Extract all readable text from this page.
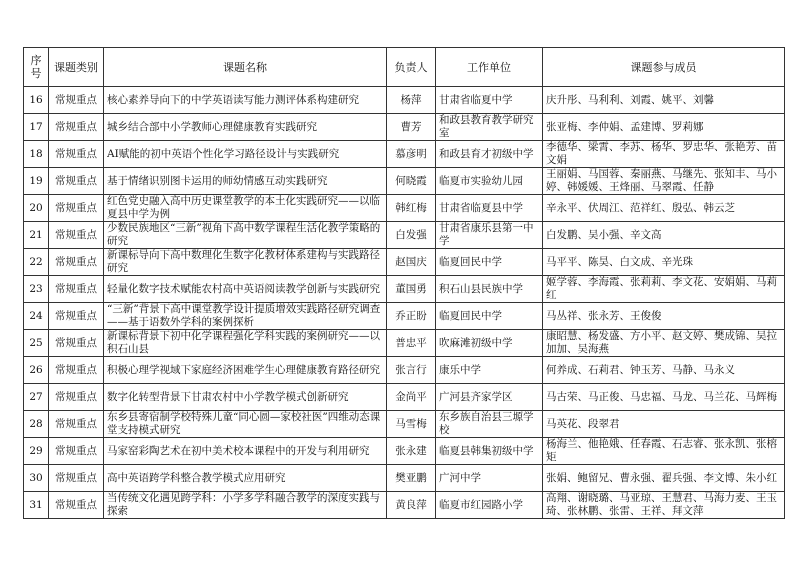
序号	课题类别	课题名称	负责人	工作单位	课题参与成员

16	常规重点	核心素养导向下的中学英语读写能力测评体系构建研究	杨萍	甘肃省临夏中学	庆升彤、马利利、刘霞、姚平、刘馨

17	常规重点	城乡结合部中小学教师心理健康教育实践研究	曹芳	和政县教育教学研究室	张亚梅、李仲娟、孟建博、罗莉娜

18	常规重点	AI赋能的初中英语个性化学习路径设计与实践研究	慕彦明	和政县育才初级中学	李德华、梁霄、李苏、杨华、罗忠华、张艳芳、苗文娟

19	常规重点	基于情绪识别图卡运用的师幼情感互动实践研究	何晓霞	临夏市实验幼儿园	王丽娟、马国蓉、秦丽燕、马继先、张知丰、马小婷、韩媛媛、王烽丽、马翠霞、任静

20	常规重点	红色党史融入高中历史课堂教学的本土化实践研究——以临夏县中学为例	韩红梅	甘肃省临夏县中学	辛永平、伏周江、范祥红、殷弘、韩云芝

21	常规重点	少数民族地区“三新”视角下高中数学课程生活化教学策略的研究	白发强	甘肃省康乐县第一中学	白发鹏、吴小强、辛文高

22	常规重点	新课标导向下高中数理化生数字化教材体系建构与实践路径研究	赵国庆	临夏回民中学	马平平、陈昊、白文成、辛光珠

23	常规重点	轻量化数字技术赋能农村高中英语阅读教学创新与实践研究	董国勇	积石山县民族中学	姬学蓉、李海霞、张莉莉、李文花、安娟娟、马莉红

24	常规重点	“三新”背景下高中课堂教学设计提质增效实践路径研究调查——基于语数外学科的案例探析	乔正盼	临夏回民中学	马丛祥、张永芳、王俊俊

25	常规重点	新课标背景下初中化学课程强化学科实践的案例研究——以积石山县	普忠平	吹麻滩初级中学	康昭慧、杨发盛、方小平、赵文婷、樊成锦、吴拉加加、吴海燕

26	常规重点	积极心理学视域下家庭经济困难学生心理健康教育路径研究	张言行	康乐中学	何养成、石莉君、钟玉芳、马静、马永义

27	常规重点	数字化转型背景下甘肃农村中小学教学模式创新研究	金尚平	广河县齐家学区	马古荣、马正俊、马忠福、马龙、马兰花、马辉梅

28	常规重点	东乡县寄宿制学校特殊儿童“同心圆—家校社医”四维动态课堂支持模式研究	马雪梅	东乡族自治县三塬学校	马英花、段翠君

29	常规重点	马家窑彩陶艺术在初中美术校本课程中的开发与利用研究	张永建	临夏县韩集初级中学	杨海兰、他艳娥、任春霞、石志睿、张永凯、张榕矩

30	常规重点	高中英语跨学科整合教学模式应用研究	樊亚鹏	广河中学	张娟、鲍留兄、曹永强、翟兵强、李文博、朱小红

31	常规重点	当传统文化遇见跨学科：小学多学科融合教学的深度实践与探索	黄良萍	临夏市红园路小学	高翔、谢晓璐、马亚琼、王慧君、马海力麦、王玉琦、张林鹏、张雷、王祥、拜文萍
